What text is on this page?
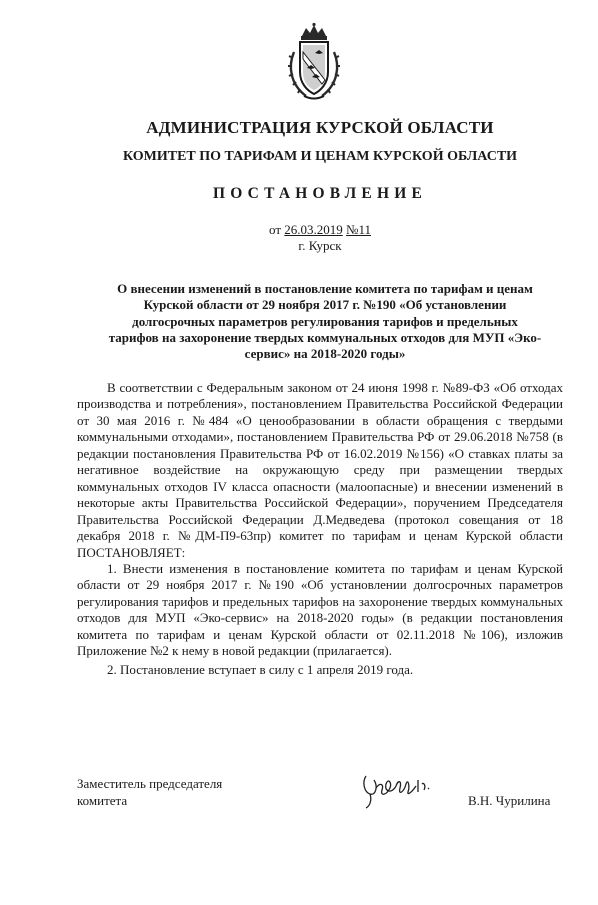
АДМИНИСТРАЦИЯ КУРСКОЙ ОБЛАСТИ
КОМИТЕТ ПО ТАРИФАМ И ЦЕНАМ КУРСКОЙ ОБЛАСТИ
ПОСТАНОВЛЕНИЕ
от 26.03.2019 №11
г. Курск
О внесении изменений в постановление комитета по тарифам и ценам
Курской области от 29 ноября 2017 г. №190 «Об установлении
долгосрочных параметров регулирования тарифов и предельных
тарифов на захоронение твердых коммунальных отходов для МУП «Эко-
сервис» на 2018-2020 годы»

В соответствии с Федеральным законом от 24 июня 1998 г. №89-ФЗ «Об отходах производства и потребления», постановлением Правительства Российской Федерации от 30 мая 2016 г. №484 «О ценообразовании в области обращения с твердыми коммунальными отходами», постановлением Правительства РФ от 29.06.2018 №758 (в редакции постановления Правительства РФ от 16.02.2019 №156) «О ставках платы за негативное воздействие на окружающую среду при размещении твердых коммунальных отходов IV класса опасности (малоопасные) и внесении изменений в некоторые акты Правительства Российской Федерации», поручением Председателя Правительства Российской Федерации Д.Медведева (протокол совещания от 18 декабря 2018 г. №ДМ-П9-63пр) комитет по тарифам и ценам Курской области ПОСТАНОВЛЯЕТ:

1. Внести изменения в постановление комитета по тарифам и ценам Курской области от 29 ноября 2017 г. №190 «Об установлении долгосрочных параметров регулирования тарифов и предельных тарифов на захоронение твердых коммунальных отходов для МУП «Эко-сервис» на 2018-2020 годы» (в редакции постановления комитета по тарифам и ценам Курской области от 02.11.2018 №106), изложив Приложение №2 к нему в новой редакции (прилагается).

2. Постановление вступает в силу с 1 апреля 2019 года.

Заместитель председателя
комитета	В.Н. Чурилина
